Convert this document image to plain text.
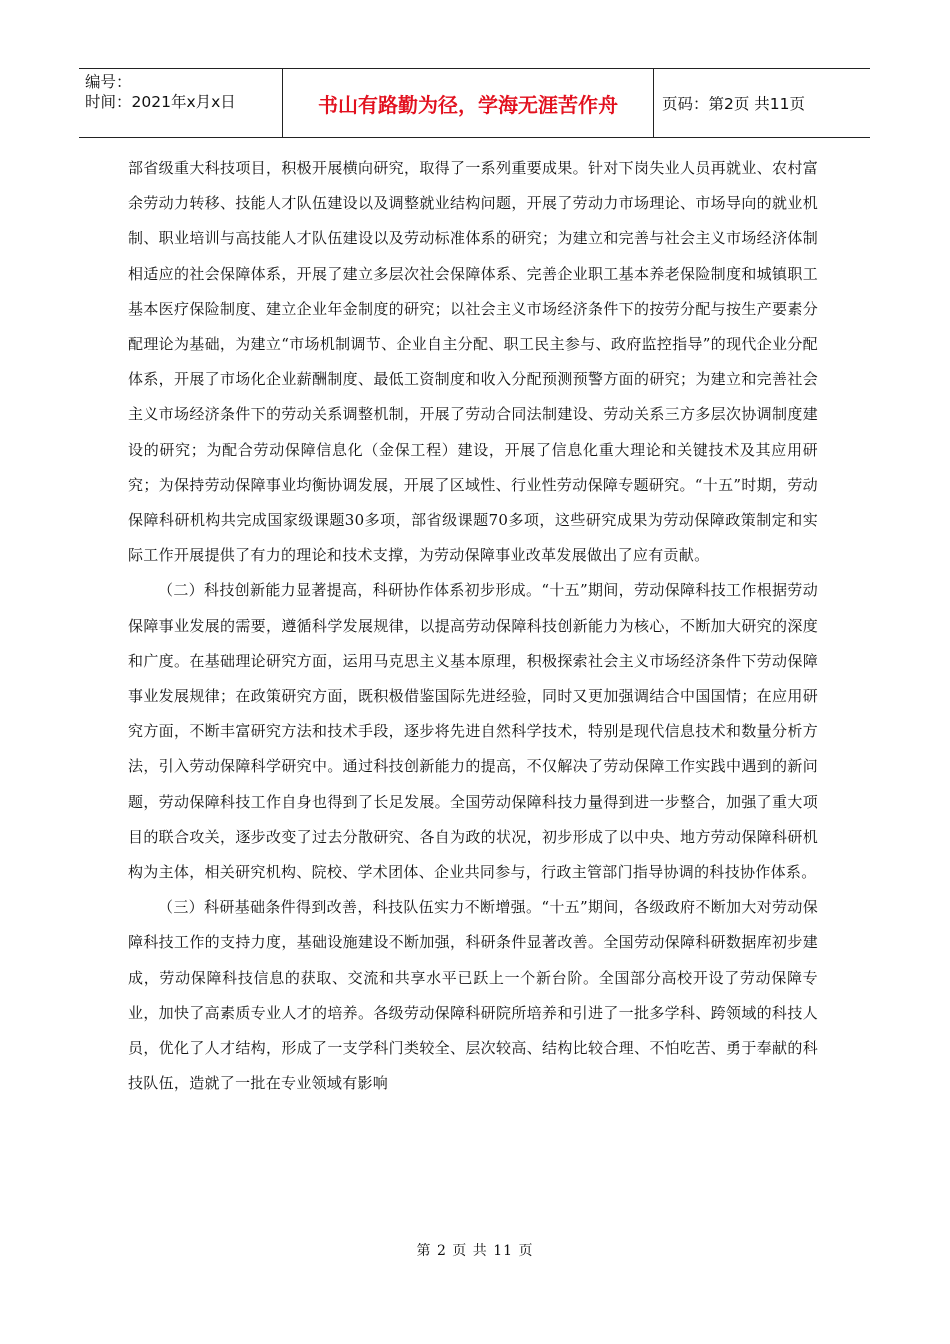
编号：
时间：2021年x月x日	书山有路勤为径，学海无涯苦作舟	页码：第2页 共11页

部省级重大科技项目，积极开展横向研究，取得了一系列重要成果。针对下岗失业人员再就业、农村富余劳动力转移、技能人才队伍建设以及调整就业结构问题，开展了劳动力市场理论、市场导向的就业机制、职业培训与高技能人才队伍建设以及劳动标准体系的研究；为建立和完善与社会主义市场经济体制相适应的社会保障体系，开展了建立多层次社会保障体系、完善企业职工基本养老保险制度和城镇职工基本医疗保险制度、建立企业年金制度的研究；以社会主义市场经济条件下的按劳分配与按生产要素分配理论为基础，为建立“市场机制调节、企业自主分配、职工民主参与、政府监控指导”的现代企业分配体系，开展了市场化企业薪酬制度、最低工资制度和收入分配预测预警方面的研究；为建立和完善社会主义市场经济条件下的劳动关系调整机制，开展了劳动合同法制建设、劳动关系三方多层次协调制度建设的研究；为配合劳动保障信息化（金保工程）建设，开展了信息化重大理论和关键技术及其应用研究；为保持劳动保障事业均衡协调发展，开展了区域性、行业性劳动保障专题研究。“十五”时期，劳动保障科研机构共完成国家级课题30多项，部省级课题70多项，这些研究成果为劳动保障政策制定和实际工作开展提供了有力的理论和技术支撑，为劳动保障事业改革发展做出了应有贡献。

（二）科技创新能力显著提高，科研协作体系初步形成。“十五”期间，劳动保障科技工作根据劳动保障事业发展的需要，遵循科学发展规律，以提高劳动保障科技创新能力为核心，不断加大研究的深度和广度。在基础理论研究方面，运用马克思主义基本原理，积极探索社会主义市场经济条件下劳动保障事业发展规律；在政策研究方面，既积极借鉴国际先进经验，同时又更加强调结合中国国情；在应用研究方面，不断丰富研究方法和技术手段，逐步将先进自然科学技术，特别是现代信息技术和数量分析方法，引入劳动保障科学研究中。通过科技创新能力的提高，不仅解决了劳动保障工作实践中遇到的新问题，劳动保障科技工作自身也得到了长足发展。全国劳动保障科技力量得到进一步整合，加强了重大项目的联合攻关，逐步改变了过去分散研究、各自为政的状况，初步形成了以中央、地方劳动保障科研机构为主体，相关研究机构、院校、学术团体、企业共同参与，行政主管部门指导协调的科技协作体系。

（三）科研基础条件得到改善，科技队伍实力不断增强。“十五”期间，各级政府不断加大对劳动保障科技工作的支持力度，基础设施建设不断加强，科研条件显著改善。全国劳动保障科研数据库初步建成，劳动保障科技信息的获取、交流和共享水平已跃上一个新台阶。全国部分高校开设了劳动保障专业，加快了高素质专业人才的培养。各级劳动保障科研院所培养和引进了一批多学科、跨领域的科技人员，优化了人才结构，形成了一支学科门类较全、层次较高、结构比较合理、不怕吃苦、勇于奉献的科技队伍，造就了一批在专业领域有影响

第 2 页 共 11 页
